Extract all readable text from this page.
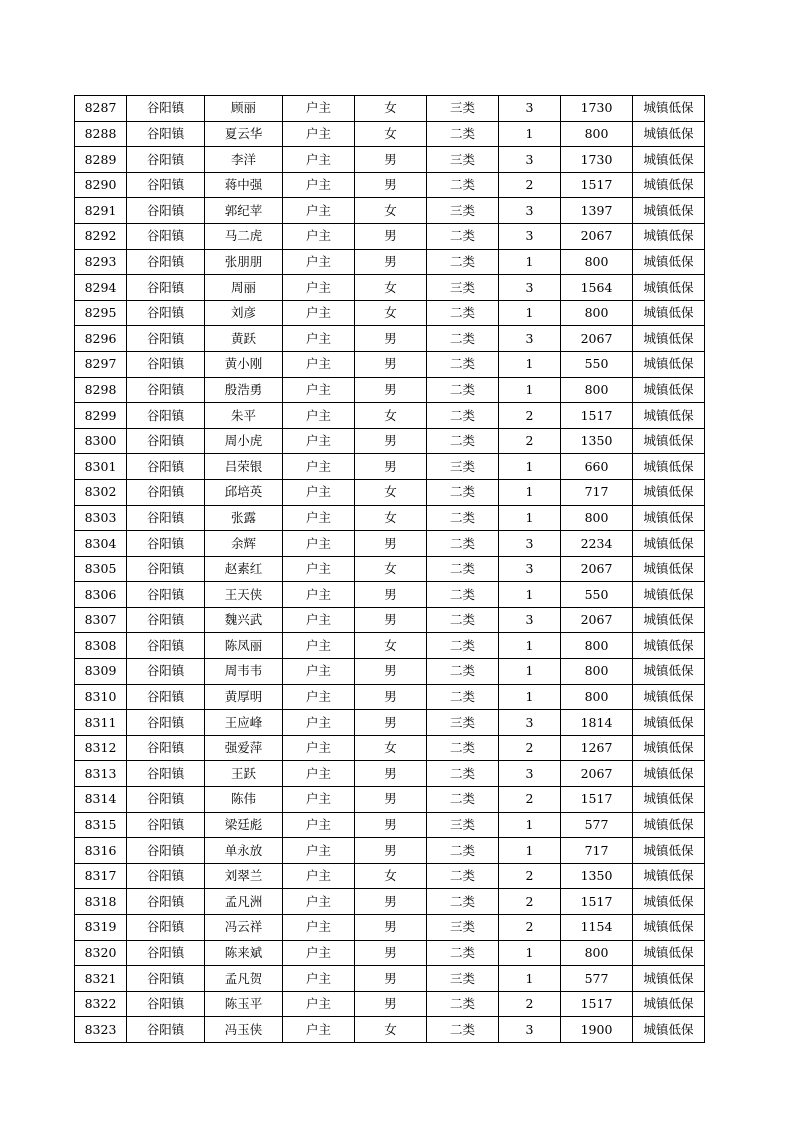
8287	谷阳镇	顾丽	户主	女	三类	3	1730	城镇低保
8288	谷阳镇	夏云华	户主	女	二类	1	800	城镇低保
8289	谷阳镇	李洋	户主	男	三类	3	1730	城镇低保
8290	谷阳镇	蒋中强	户主	男	二类	2	1517	城镇低保
8291	谷阳镇	郭纪苹	户主	女	三类	3	1397	城镇低保
8292	谷阳镇	马二虎	户主	男	二类	3	2067	城镇低保
8293	谷阳镇	张朋朋	户主	男	二类	1	800	城镇低保
8294	谷阳镇	周丽	户主	女	三类	3	1564	城镇低保
8295	谷阳镇	刘彦	户主	女	二类	1	800	城镇低保
8296	谷阳镇	黄跃	户主	男	二类	3	2067	城镇低保
8297	谷阳镇	黄小刚	户主	男	二类	1	550	城镇低保
8298	谷阳镇	殷浩勇	户主	男	二类	1	800	城镇低保
8299	谷阳镇	朱平	户主	女	二类	2	1517	城镇低保
8300	谷阳镇	周小虎	户主	男	二类	2	1350	城镇低保
8301	谷阳镇	吕荣银	户主	男	三类	1	660	城镇低保
8302	谷阳镇	邱培英	户主	女	二类	1	717	城镇低保
8303	谷阳镇	张露	户主	女	二类	1	800	城镇低保
8304	谷阳镇	余辉	户主	男	二类	3	2234	城镇低保
8305	谷阳镇	赵素红	户主	女	二类	3	2067	城镇低保
8306	谷阳镇	王天侠	户主	男	二类	1	550	城镇低保
8307	谷阳镇	魏兴武	户主	男	二类	3	2067	城镇低保
8308	谷阳镇	陈凤丽	户主	女	二类	1	800	城镇低保
8309	谷阳镇	周韦韦	户主	男	二类	1	800	城镇低保
8310	谷阳镇	黄厚明	户主	男	二类	1	800	城镇低保
8311	谷阳镇	王应峰	户主	男	三类	3	1814	城镇低保
8312	谷阳镇	强爱萍	户主	女	二类	2	1267	城镇低保
8313	谷阳镇	王跃	户主	男	二类	3	2067	城镇低保
8314	谷阳镇	陈伟	户主	男	二类	2	1517	城镇低保
8315	谷阳镇	梁廷彪	户主	男	三类	1	577	城镇低保
8316	谷阳镇	单永放	户主	男	二类	1	717	城镇低保
8317	谷阳镇	刘翠兰	户主	女	二类	2	1350	城镇低保
8318	谷阳镇	孟凡洲	户主	男	二类	2	1517	城镇低保
8319	谷阳镇	冯云祥	户主	男	三类	2	1154	城镇低保
8320	谷阳镇	陈来斌	户主	男	二类	1	800	城镇低保
8321	谷阳镇	孟凡贺	户主	男	三类	1	577	城镇低保
8322	谷阳镇	陈玉平	户主	男	二类	2	1517	城镇低保
8323	谷阳镇	冯玉侠	户主	女	二类	3	1900	城镇低保
